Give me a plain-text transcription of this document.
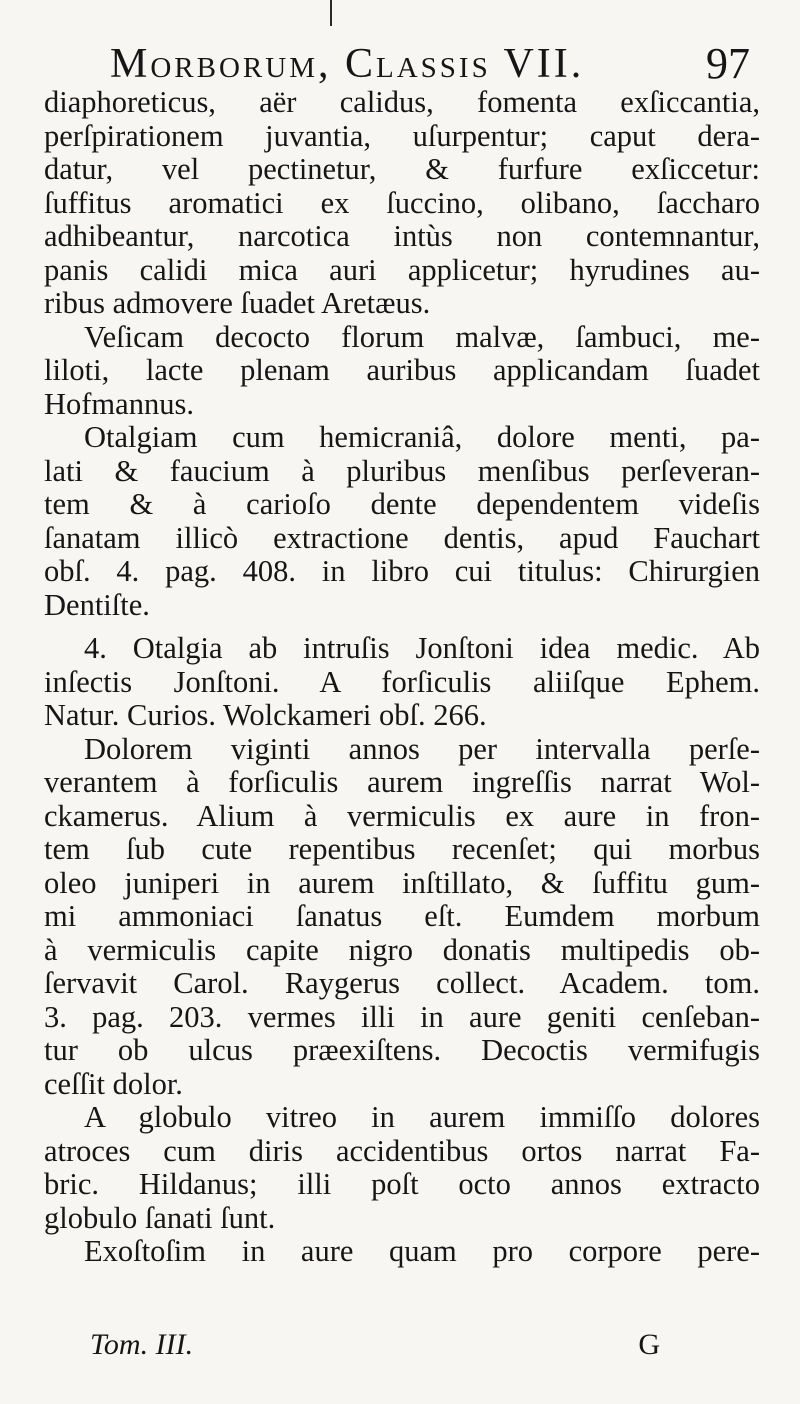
Morborum, Classis VII.	97
diaphoreticus, aër calidus, fomenta exſiccantia,
perſpirationem juvantia, uſurpentur; caput dera-
datur, vel pectinetur, & furfure exſiccetur:
ſuffitus aromatici ex ſuccino, olibano, ſaccharo
adhibeantur, narcotica intùs non contemnantur,
panis calidi mica auri applicetur; hyrudines au-
ribus admovere ſuadet Aretæus.
Veſicam decocto florum malvæ, ſambuci, me-
liloti, lacte plenam auribus applicandam ſuadet
Hofmannus.
Otalgiam cum hemicraniâ, dolore menti, pa-
lati & faucium à pluribus menſibus perſeveran-
tem & à carioſo dente dependentem videſis
ſanatam illicò extractione dentis, apud Fauchart
obſ. 4. pag. 408. in libro cui titulus: Chirurgien
Dentiſte.
4. Otalgia ab intruſis Jonſtoni idea medic. Ab
inſectis Jonſtoni. A forſiculis aliiſque Ephem.
Natur. Curios. Wolckameri obſ. 266.
Dolorem viginti annos per intervalla perſe-
verantem à forſiculis aurem ingreſſis narrat Wol-
ckamerus. Alium à vermiculis ex aure in fron-
tem ſub cute repentibus recenſet; qui morbus
oleo juniperi in aurem inſtillato, & ſuffitu gum-
mi ammoniaci ſanatus eſt. Eumdem morbum
à vermiculis capite nigro donatis multipedis ob-
ſervavit Carol. Raygerus collect. Academ. tom.
3. pag. 203. vermes illi in aure geniti cenſeban-
tur ob ulcus præexiſtens. Decoctis vermifugis
ceſſit dolor.
A globulo vitreo in aurem immiſſo dolores
atroces cum diris accidentibus ortos narrat Fa-
bric. Hildanus; illi poſt octo annos extracto
globulo ſanati ſunt.
Exoſtoſim in aure quam pro corpore pere-
Tom. III.	G
